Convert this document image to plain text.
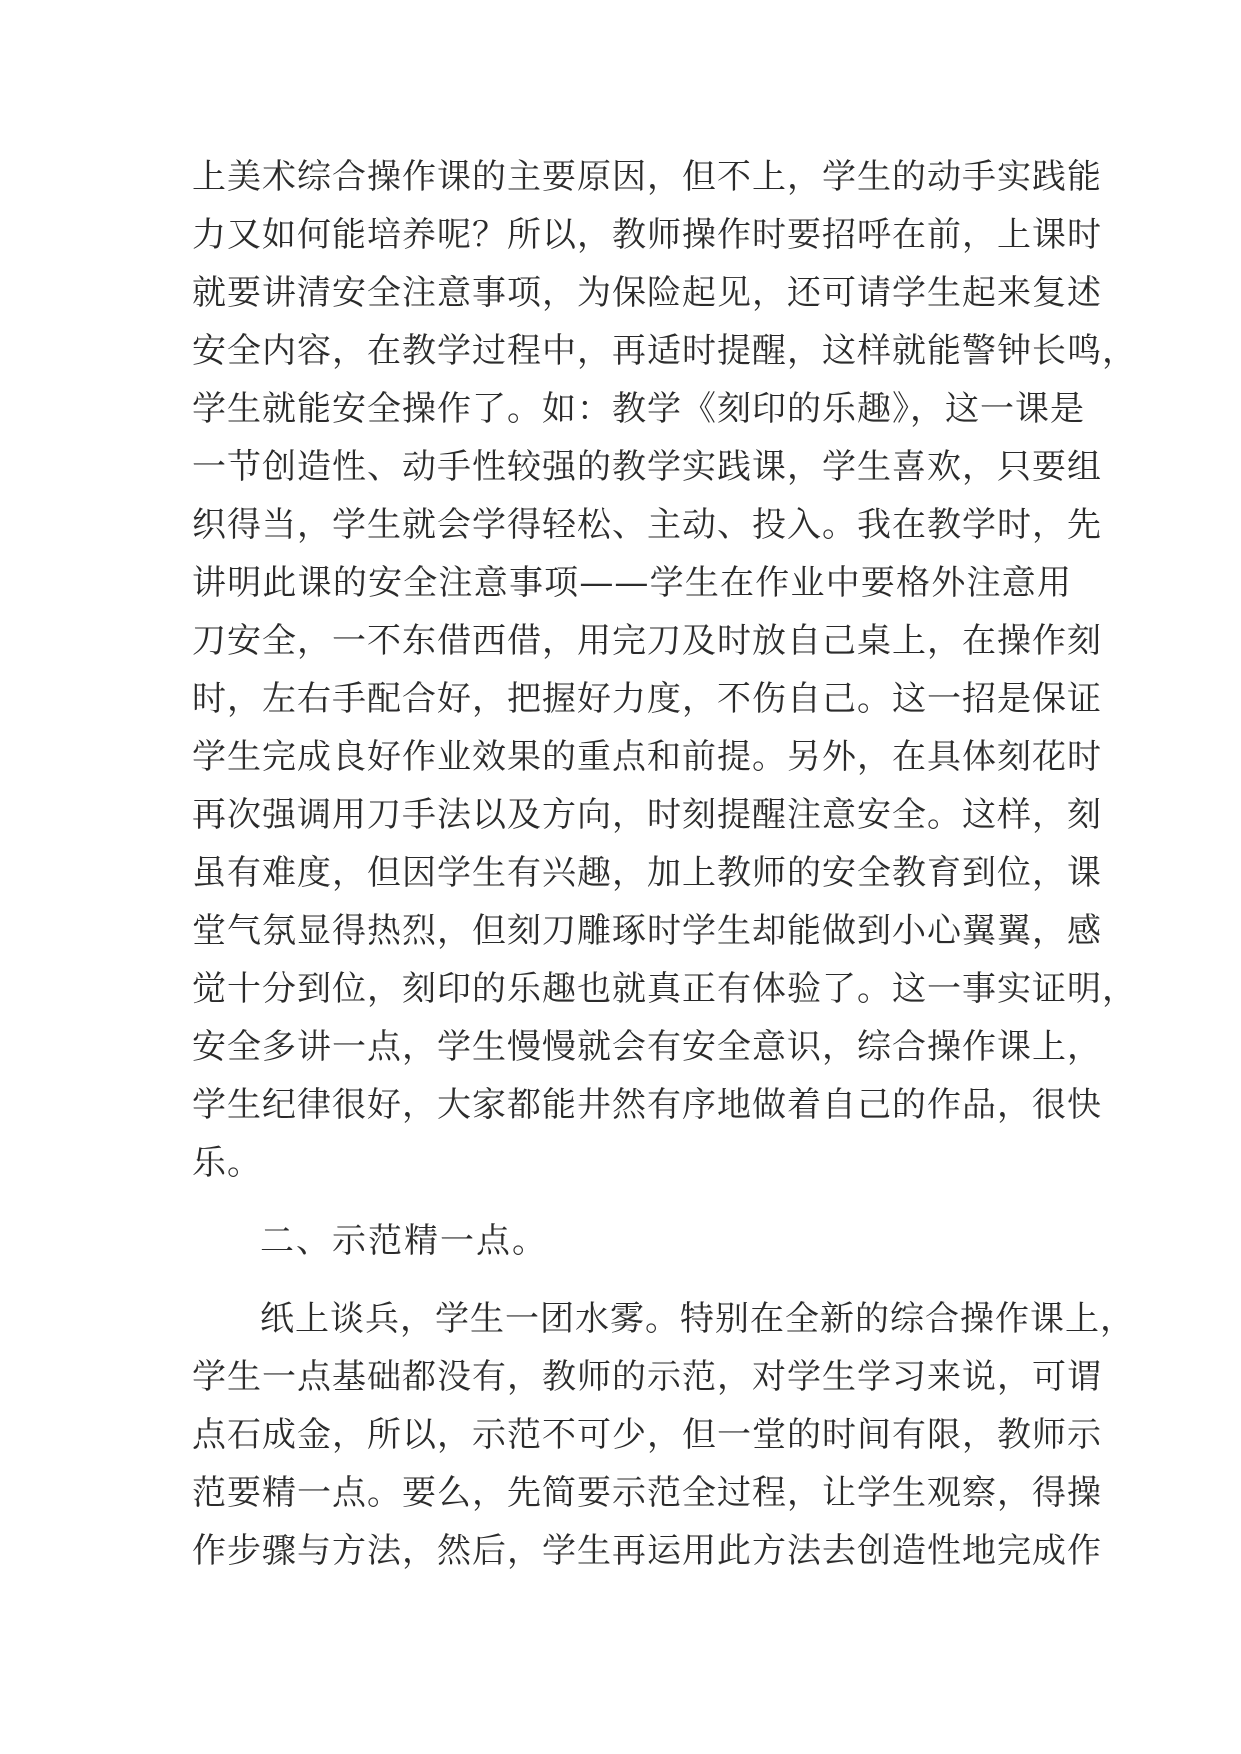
上美术综合操作课的主要原因，但不上，学生的动手实践能
力又如何能培养呢？所以，教师操作时要招呼在前，上课时
就要讲清安全注意事项，为保险起见，还可请学生起来复述
安全内容，在教学过程中，再适时提醒，这样就能警钟长鸣，
学生就能安全操作了。如：教学《刻印的乐趣》，这一课是
一节创造性、动手性较强的教学实践课，学生喜欢，只要组
织得当，学生就会学得轻松、主动、投入。我在教学时，先
讲明此课的安全注意事项——学生在作业中要格外注意用
刀安全，一不东借西借，用完刀及时放自己桌上，在操作刻
时，左右手配合好，把握好力度，不伤自己。这一招是保证
学生完成良好作业效果的重点和前提。另外，在具体刻花时
再次强调用刀手法以及方向，时刻提醒注意安全。这样，刻
虽有难度，但因学生有兴趣，加上教师的安全教育到位，课
堂气氛显得热烈，但刻刀雕琢时学生却能做到小心翼翼，感
觉十分到位，刻印的乐趣也就真正有体验了。这一事实证明，
安全多讲一点，学生慢慢就会有安全意识，综合操作课上，
学生纪律很好，大家都能井然有序地做着自己的作品，很快
乐。
二、示范精一点。
纸上谈兵，学生一团水雾。特别在全新的综合操作课上，
学生一点基础都没有，教师的示范，对学生学习来说，可谓
点石成金，所以，示范不可少，但一堂的时间有限，教师示
范要精一点。要么，先简要示范全过程，让学生观察，得操
作步骤与方法，然后，学生再运用此方法去创造性地完成作
